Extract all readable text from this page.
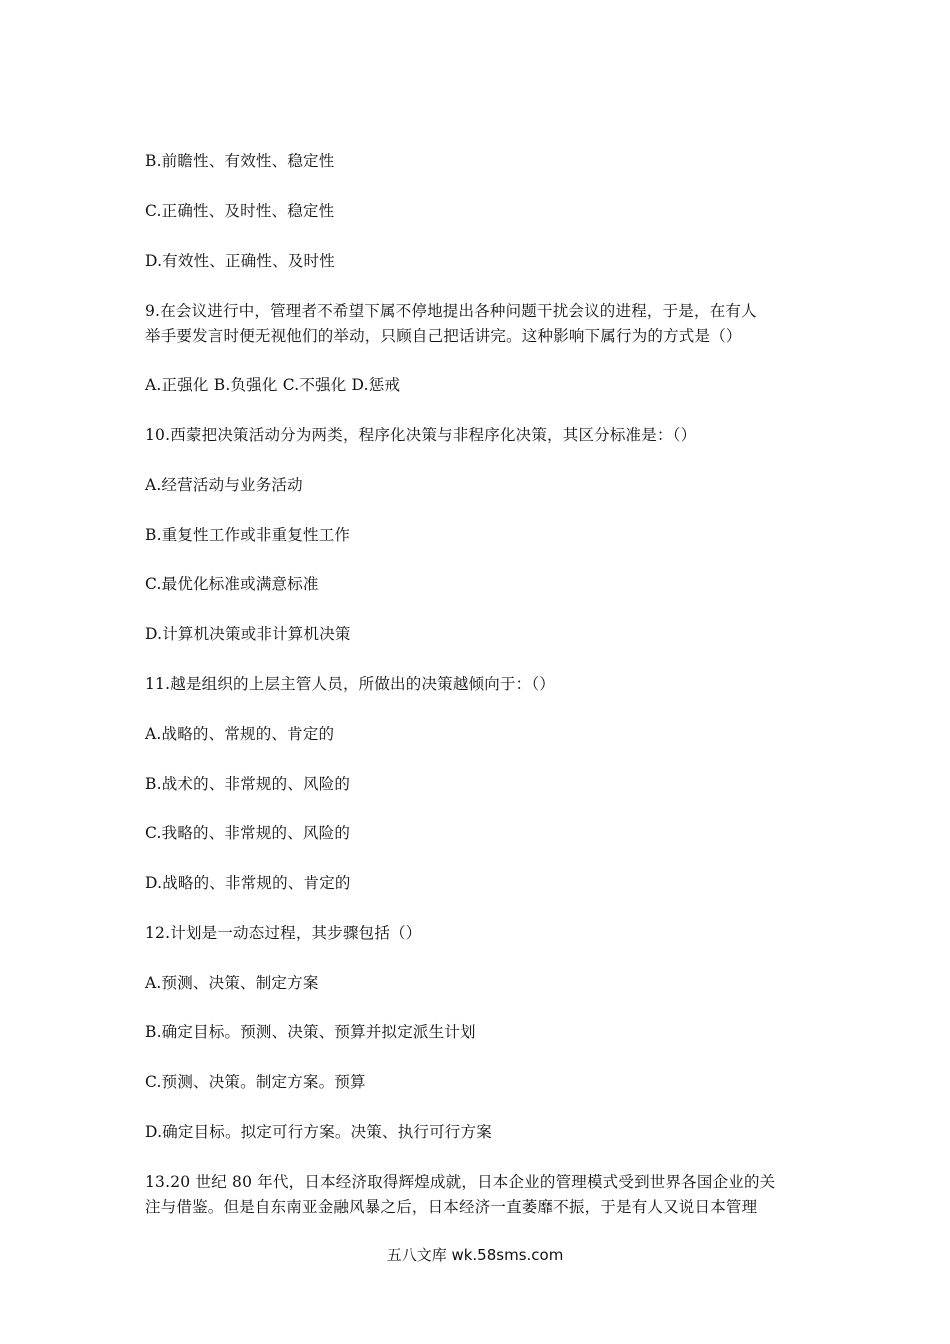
B.前瞻性、有效性、稳定性
C.正确性、及时性、稳定性
D.有效性、正确性、及时性
9.在会议进行中，管理者不希望下属不停地提出各种问题干扰会议的进程，于是，在有人
举手要发言时便无视他们的举动，只顾自己把话讲完。这种影响下属行为的方式是（）
A.正强化 B.负强化 C.不强化 D.惩戒
10.西蒙把决策活动分为两类，程序化决策与非程序化决策，其区分标准是：（）
A.经营活动与业务活动
B.重复性工作或非重复性工作
C.最优化标准或满意标准
D.计算机决策或非计算机决策
11.越是组织的上层主管人员，所做出的决策越倾向于：（）
A.战略的、常规的、肯定的
B.战术的、非常规的、风险的
C.我略的、非常规的、风险的
D.战略的、非常规的、肯定的
12.计划是一动态过程，其步骤包括（）
A.预测、决策、制定方案
B.确定目标。预测、决策、预算并拟定派生计划
C.预测、决策。制定方案。预算
D.确定目标。拟定可行方案。决策、执行可行方案
13.20 世纪 80 年代，日本经济取得辉煌成就，日本企业的管理模式受到世界各国企业的关
注与借鉴。但是自东南亚金融风暴之后，日本经济一直萎靡不振，于是有人又说日本管理
五八文库 wk.58sms.com
